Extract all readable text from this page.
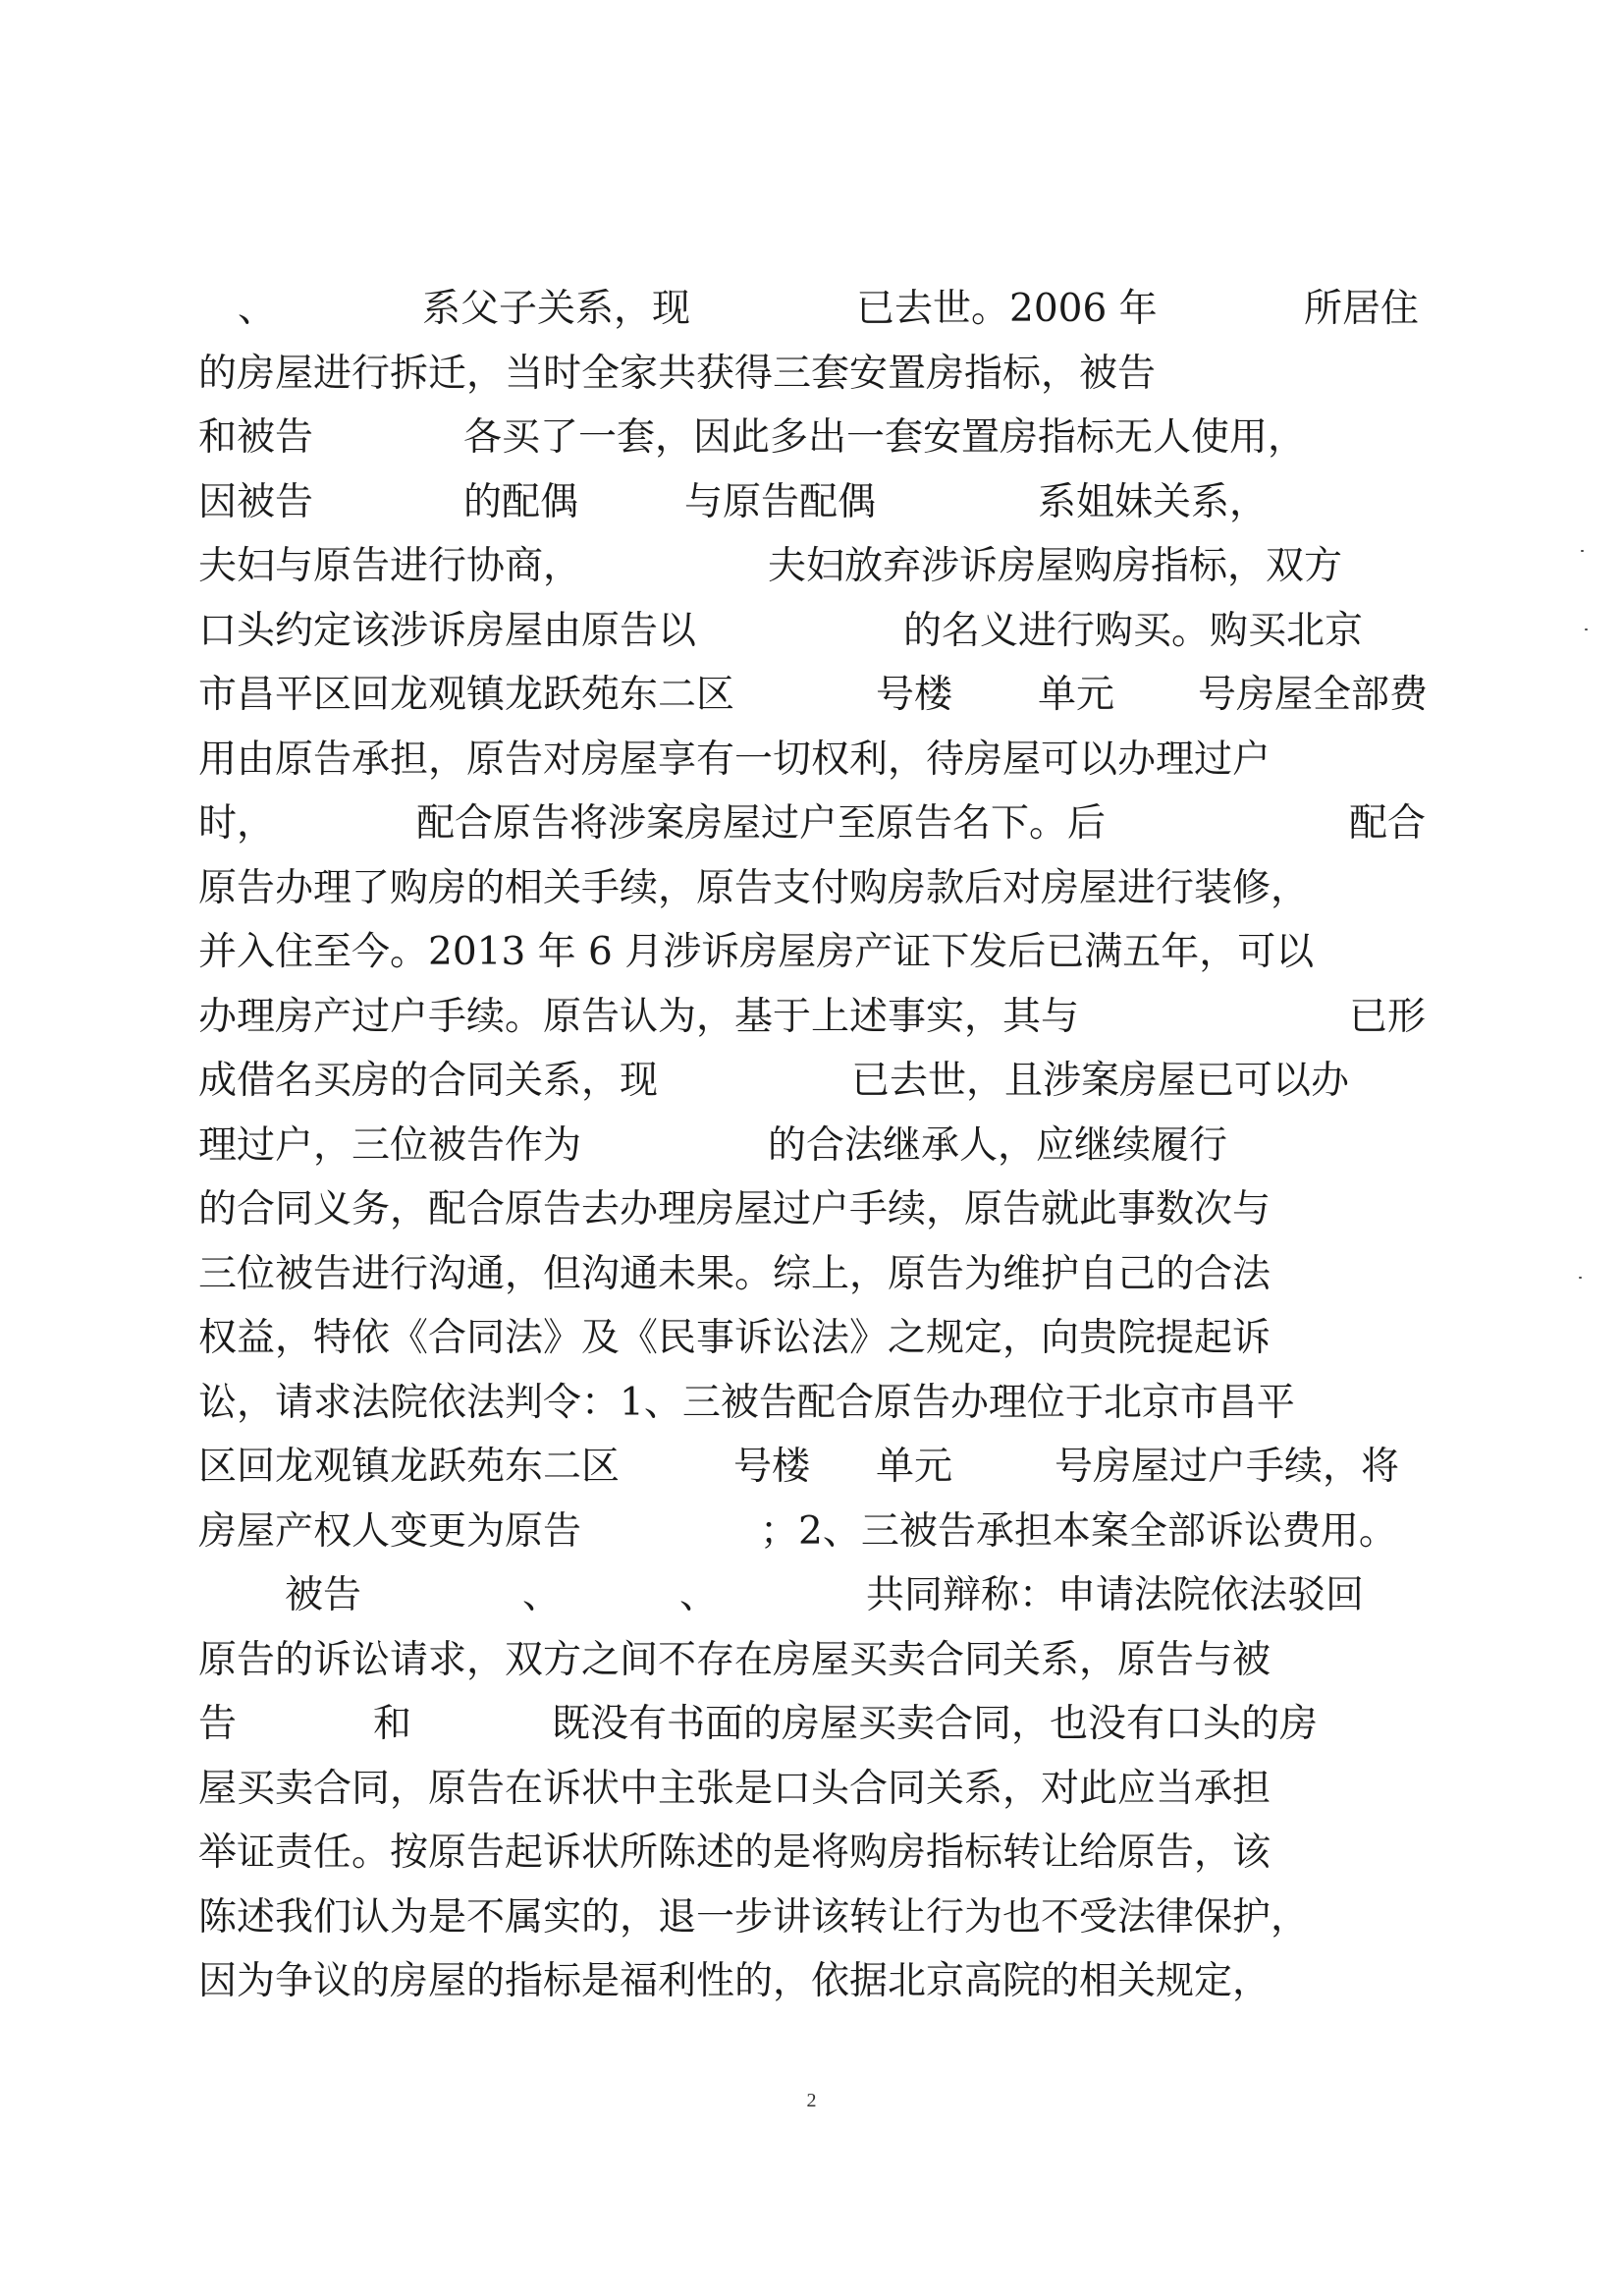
、

	系父子关系，现

	已去世。2006 年

	所居住

的房屋进行拆迁，当时全家共获得三套安置房指标，被告

和被告

	各买了一套，因此多出一套安置房指标无人使用，

因被告

	的配偶

	与原告配偶

	系姐妹关系，

夫妇与原告进行协商，

	夫妇放弃涉诉房屋购房指标，双方

口头约定该涉诉房屋由原告以

	的名义进行购买。购买北京

市昌平区回龙观镇龙跃苑东二区

	号楼

单元

号房屋全部费

用由原告承担，原告对房屋享有一切权利，待房屋可以办理过户

时，

	配合原告将涉案房屋过户至原告名下。后

	配合

原告办理了购房的相关手续，原告支付购房款后对房屋进行装修，

并入住至今。2013 年 6 月涉诉房屋房产证下发后已满五年，可以

办理房产过户手续。原告认为，基于上述事实，其与

	已形

成借名买房的合同关系，现

	已去世，且涉案房屋已可以办

理过户，三位被告作为

	的合法继承人，应继续履行

的合同义务，配合原告去办理房屋过户手续，原告就此事数次与

三位被告进行沟通，但沟通未果。综上，原告为维护自己的合法

权益，特依《合同法》及《民事诉讼法》之规定，向贵院提起诉

讼，请求法院依法判令：1、三被告配合原告办理位于北京市昌平

区回龙观镇龙跃苑东二区

	号楼

单元

	号房屋过户手续，将

房屋产权人变更为原告

	；2、三被告承担本案全部诉讼费用。

被告

	、

	、

	共同辩称：申请法院依法驳回

原告的诉讼请求，双方之间不存在房屋买卖合同关系，原告与被

告

	和

	既没有书面的房屋买卖合同，也没有口头的房

屋买卖合同，原告在诉状中主张是口头合同关系，对此应当承担

举证责任。按原告起诉状所陈述的是将购房指标转让给原告，该

陈述我们认为是不属实的，退一步讲该转让行为也不受法律保护，

因为争议的房屋的指标是福利性的，依据北京高院的相关规定，

2
